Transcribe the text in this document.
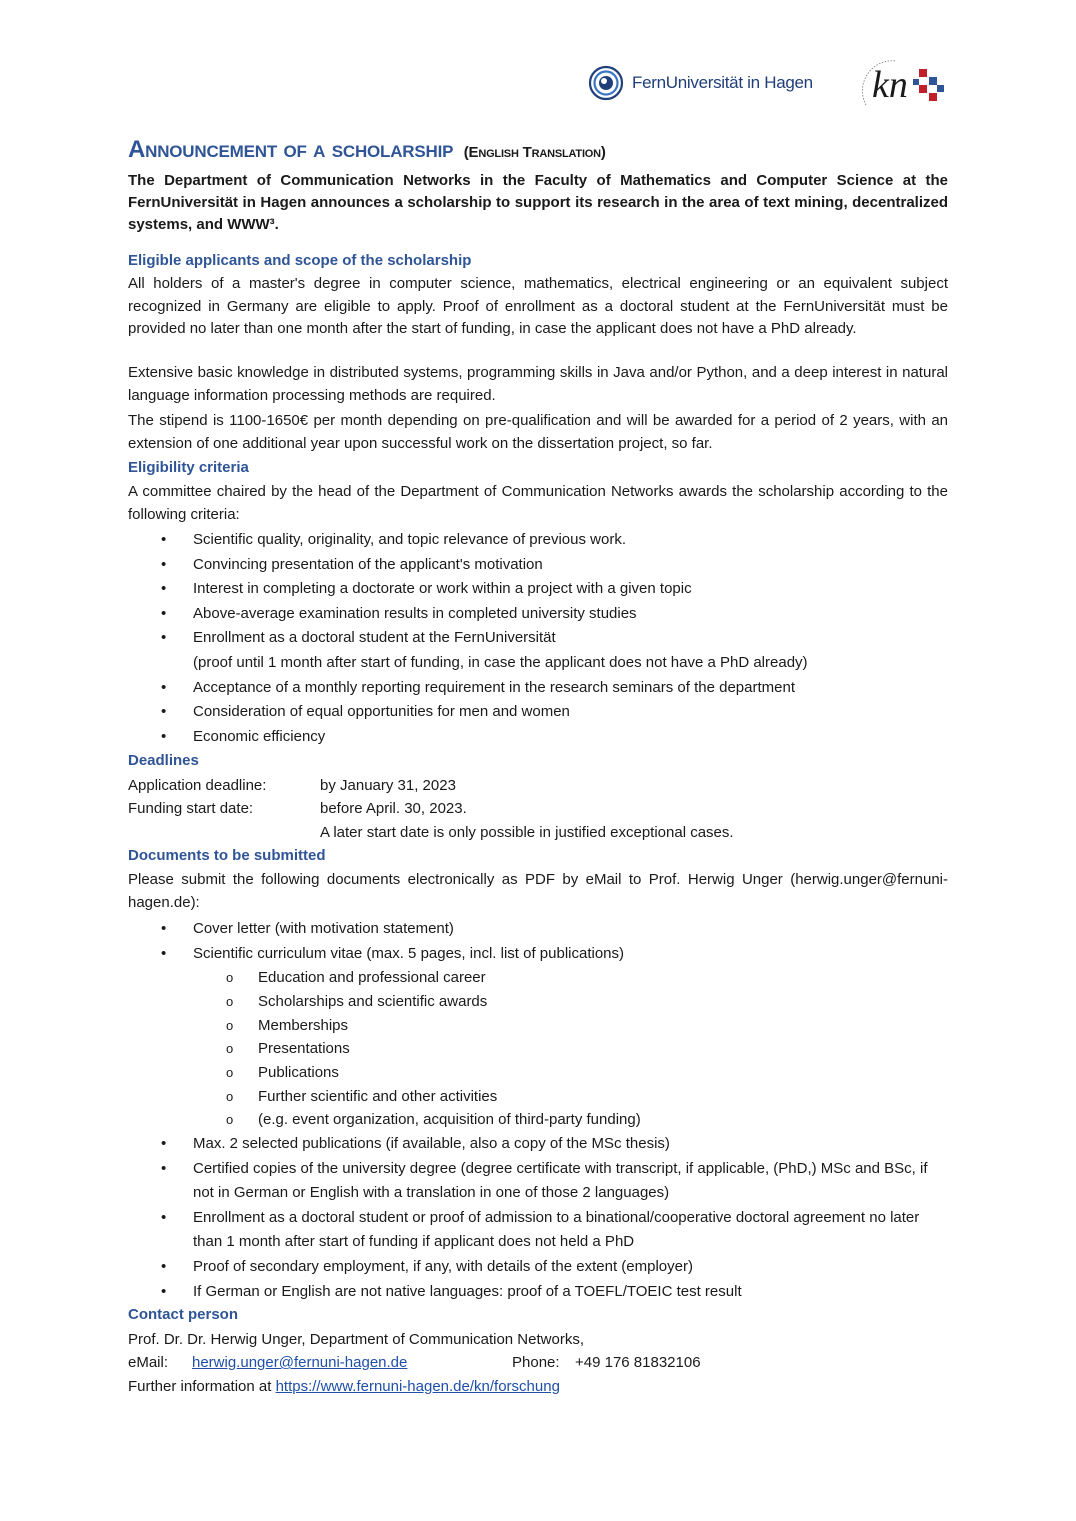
FernUniversität in Hagen kn
Announcement of a scholarship (English Translation)
The Department of Communication Networks in the Faculty of Mathematics and Computer Science at the FernUniversität in Hagen announces a scholarship to support its research in the area of text mining, decentralized systems, and WWW³.
Eligible applicants and scope of the scholarship
All holders of a master's degree in computer science, mathematics, electrical engineering or an equivalent subject recognized in Germany are eligible to apply. Proof of enrollment as a doctoral student at the FernUniversität must be provided no later than one month after the start of funding, in case the applicant does not have a PhD already.
Extensive basic knowledge in distributed systems, programming skills in Java and/or Python, and a deep interest in natural language information processing methods are required.
The stipend is 1100-1650€ per month depending on pre-qualification and will be awarded for a period of 2 years, with an extension of one additional year upon successful work on the dissertation project, so far.
Eligibility criteria
A committee chaired by the head of the Department of Communication Networks awards the scholarship according to the following criteria:
• Scientific quality, originality, and topic relevance of previous work.
• Convincing presentation of the applicant's motivation
• Interest in completing a doctorate or work within a project with a given topic
• Above-average examination results in completed university studies
• Enrollment as a doctoral student at the FernUniversität
(proof until 1 month after start of funding, in case the applicant does not have a PhD already)
• Acceptance of a monthly reporting requirement in the research seminars of the department
• Consideration of equal opportunities for men and women
• Economic efficiency
Deadlines
Application deadline:	by January 31, 2023
Funding start date:	before April. 30, 2023.
A later start date is only possible in justified exceptional cases.
Documents to be submitted
Please submit the following documents electronically as PDF by eMail to Prof. Herwig Unger (herwig.unger@fernuni-hagen.de):
• Cover letter (with motivation statement)
• Scientific curriculum vitae (max. 5 pages, incl. list of publications)
o Education and professional career
o Scholarships and scientific awards
o Memberships
o Presentations
o Publications
o Further scientific and other activities
o (e.g. event organization, acquisition of third-party funding)
• Max. 2 selected publications (if available, also a copy of the MSc thesis)
• Certified copies of the university degree (degree certificate with transcript, if applicable, (PhD,) MSc and BSc, if not in German or English with a translation in one of those 2 languages)
• Enrollment as a doctoral student or proof of admission to a binational/cooperative doctoral agreement no later than 1 month after start of funding if applicant does not held a PhD
• Proof of secondary employment, if any, with details of the extent (employer)
• If German or English are not native languages: proof of a TOEFL/TOEIC test result
Contact person
Prof. Dr. Dr. Herwig Unger, Department of Communication Networks,
eMail: herwig.unger@fernuni-hagen.de	Phone: +49 176 81832106
Further information at https://www.fernuni-hagen.de/kn/forschung
